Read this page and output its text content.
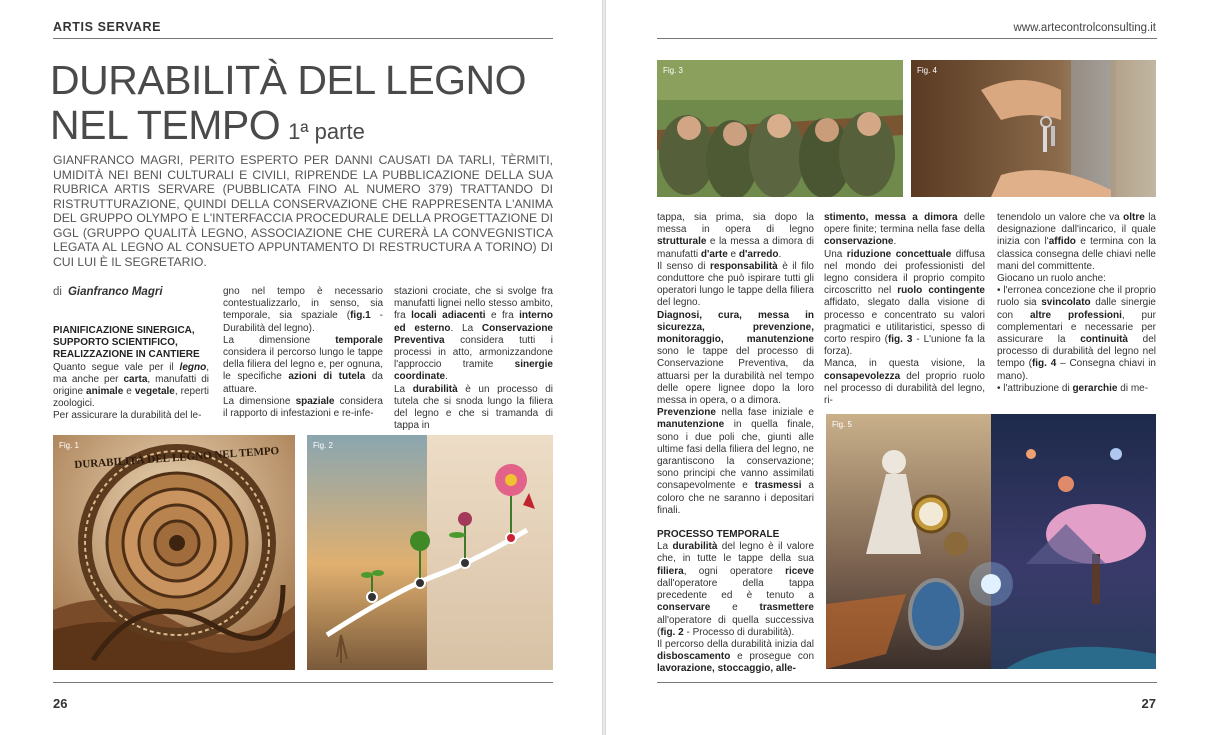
ARTIS SERVARE
DURABILITÀ DEL LEGNO
NEL TEMPO 1ª parte
GIANFRANCO MAGRI, PERITO ESPERTO PER DANNI CAUSATI DA TARLI, TÈRMITI, UMIDITÀ NEI BENI CULTURALI E CIVILI, RIPRENDE LA PUBBLICAZIONE DELLA SUA RUBRICA ARTIS SERVARE (PUBBLICATA FINO AL NUMERO 379) TRATTANDO DI RISTRUTTURAZIONE, QUINDI DELLA CONSERVAZIONE CHE RAPPRESENTA L'ANIMA DEL GRUPPO OLYMPO E L'INTERFACCIA PROCEDURALE DELLA PROGETTAZIONE DI GGL (GRUPPO QUALITÀ LEGNO, ASSOCIAZIONE CHE CURERÀ LA CONVEGNISTICA LEGATA AL LEGNO AL CONSUETO APPUNTAMENTO DI RESTRUCTURA A TORINO) DI CUI LUI È IL SEGRETARIO.
di Gianfranco Magri
PIANIFICAZIONE SINERGICA,
SUPPORTO SCIENTIFICO,
REALIZZAZIONE IN CANTIERE

Quanto segue vale per il legno, ma anche per carta, manufatti di origine animale e vegetale, reperti zoologici.

Per assicurare la durabilità del le-

gno nel tempo è necessario contestualizzarlo, in senso, sia temporale, sia spaziale (fig.1 - Durabilità del legno).

La dimensione temporale considera il percorso lungo le tappe della filiera del legno e, per ognuna, le specifiche azioni di tutela da attuare.

La dimensione spaziale considera il rapporto di infestazioni e re-infe-

stazioni crociate, che si svolge fra manufatti lignei nello stesso ambito, fra locali adiacenti e fra interno ed esterno. La Conservazione Preventiva considera tutti i processi in atto, armonizzandone l'approccio tramite sinergie coordinate.

La durabilità è un processo di tutela che si snoda lungo la filiera del legno e che si tramanda di tappa in

DURABILITÀ DEL LEGNO NEL TEMPO
Fig. 1	Fig. 2
26
www.artecontrolconsulting.it
Fig. 3	Fig. 4

tappa, sia prima, sia dopo la messa in opera di legno strutturale e la messa a dimora di manufatti d'arte e d'arredo.

Il senso di responsabilità è il filo conduttore che può ispirare tutti gli operatori lungo le tappe della filiera del legno.

Diagnosi, cura, messa in sicurezza, prevenzione, monitoraggio, manutenzione sono le tappe del processo di Conservazione Preventiva, da attuarsi per la durabilità nel tempo delle opere lignee dopo la loro messa in opera, o a dimora.

Prevenzione nella fase iniziale e manutenzione in quella finale, sono i due poli che, giunti alle ultime fasi della filiera del legno, ne garantiscono la conservazione; sono principi che vanno assimilati consapevolmente e trasmessi a coloro che ne saranno i depositari finali.

PROCESSO TEMPORALE

La durabilità del legno è il valore che, in tutte le tappe della sua filiera, ogni operatore riceve dall'operatore della tappa precedente ed è tenuto a conservare e trasmettere all'operatore di quella successiva (fig. 2 - Processo di durabilità).

Il percorso della durabilità inizia dal disboscamento e prosegue con lavorazione, stoccaggio, alle-

stimento, messa a dimora delle opere finite; termina nella fase della conservazione.

Una riduzione concettuale diffusa nel mondo dei professionisti del legno considera il proprio compito circoscritto nel ruolo contingente affidato, slegato dalla visione di processo e concentrato su valori pragmatici e utilitaristici, spesso di corto respiro (fig. 3 - L'unione fa la forza).

Manca, in questa visione, la consapevolezza del proprio ruolo nel processo di durabilità del legno, ri-

tenendolo un valore che va oltre la designazione dall'incarico, il quale inizia con l'affido e termina con la classica consegna delle chiavi nelle mani del committente.

Giocano un ruolo anche:

• l'erronea concezione che il proprio ruolo sia svincolato dalle sinergie con altre professioni, pur complementari e necessarie per assicurare la continuità del processo di durabilità del legno nel tempo (fig. 4 – Consegna chiavi in mano).

• l'attribuzione di gerarchie di me-

Fig. 5
27
